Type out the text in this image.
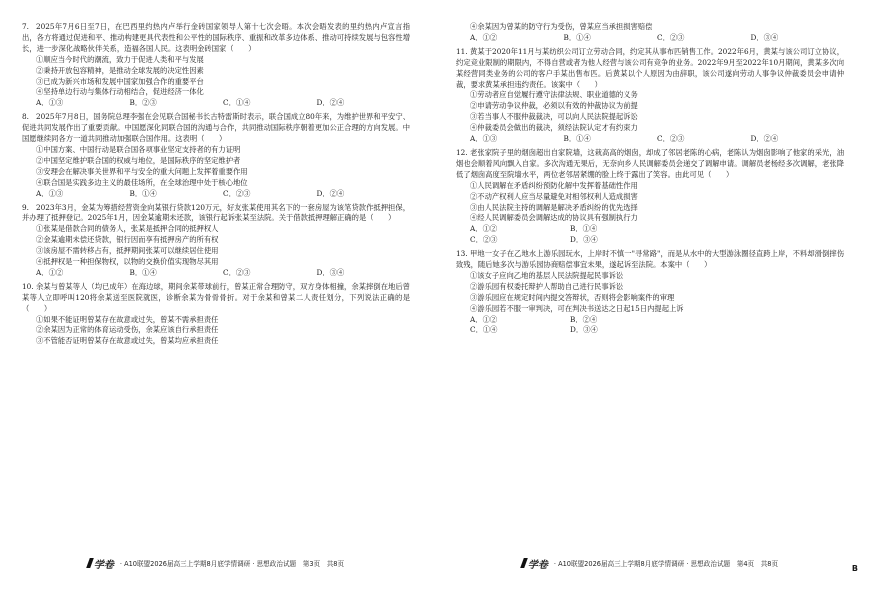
7. 2025年7月6日至7日，在巴西里约热内卢举行金砖国家领导人第十七次会晤。本次会晤发表的里约热内卢宣言指出，各方将通过促进和平、推动构建更具代表性和公平性的国际秩序、重振和改革多边体系、推动可持续发展与包容性增长，进一步深化战略伙伴关系，造福各国人民。这表明金砖国家（　　）

①顺应当今时代的潮流，致力于促进人类和平与发展

②秉持开放包容精神，是推动全球发展的决定性因素

③已成为新兴市场和发展中国家加强合作的重要平台

④坚持单边行动与集体行动相结合，促进经济一体化

A．①③	B．②③	C．①④	D．②④

8. 2025年7月8日，国务院总理李强在会见联合国秘书长古特雷斯时表示，联合国成立80年来，为维护世界和平安宁、促进共同发展作出了重要贡献。中国愿深化同联合国的沟通与合作，共同推动国际秩序朝着更加公正合理的方向发展。中国愿继续同各方一道共同推动加强联合国作用。这表明（　　）

①中国方案、中国行动是联合国各项事业坚定支持者的有力证明

②中国坚定维护联合国的权威与地位，是国际秩序的坚定维护者

③安理会在解决事关世界和平与安全的重大问题上发挥着重要作用

④联合国是实践多边主义的最佳场所，在全球治理中处于核心地位

A．①③	B．①④	C．②③	D．②④

9. 2023年3月，金某为筹措经营资金向某银行贷款120万元，好友张某使用其名下的一套房屋为该笔贷款作抵押担保，并办理了抵押登记。2025年1月，因金某逾期未还款，该银行起诉张某至法院。关于借款抵押理解正确的是（　　）

①张某是借款合同的债务人，张某是抵押合同的抵押权人

②金某逾期未偿还贷款，银行因而享有抵押房产的所有权

③该房屋不需转移占有，抵押期间张某可以继续居住使用

④抵押权是一种担保物权，以物的交换价值实现物尽其用

A．①②	B．①④	C．②③	D．③④

10. 余某与曾某等人（均已成年）在海边球，期间余某带球前行，曾某正常合理防守，双方身体相撞，余某摔倒在地后曾某等人立即呼叫120将余某送至医院就医，诊断余某为骨骨骨折。对于余某和曾某二人责任划分，下列说法正确的是（　　）

①如果不能证明曾某存在故意或过失，曾某不需承担责任

②余某因为正常的体育运动受伤，余某应该自行承担责任

③不管能否证明曾某存在故意或过失，曾某均应承担责任

学卷 · A10联盟2026届高三上学期8月底学情调研 · 思想政治试题　第3页　共8页

④余某因为曾某的防守行为受伤，曾某应当承担损害赔偿

A．①②	B．①④	C．②③	D．③④

11. 黄某于2020年11月与某纺织公司订立劳动合同，约定其从事布匹销售工作。2022年6月，黄某与该公司订立协议，约定竞业限制的期限内，不得自营或者为他人经营与该公司有竞争的业务。2022年9月至2022年10月期间，黄某多次向某经营同类业务的公司的客户手某出售布匹。后黄某以个人原因为由辞职，该公司遂向劳动人事争议仲裁委员会申请仲裁，要求黄某承担违约责任。该案中（　　）

①劳动者应自觉履行遵守法律法规、职业道德的义务

②申请劳动争议仲裁，必须以有效的仲裁协议为前提

③若当事人不服仲裁裁决，可以向人民法院提起诉讼

④仲裁委员会做出的裁决，须经法院认定才有约束力

A．①③	B．①④	C．②③	D．②④

12. 老张家院子里的烟囱超出自家院墙，这栽高高的烟囱，却成了邻居老陈的心病，老陈认为烟囱影响了他家的采光，油烟也会顺着风向飘入自家。多次沟通无果后，无奈向乡人民调解委员会递交了调解申请。调解员老杨经多次调解，老张降低了烟囱高度至院墙水平，两位老邻居紧绷的脸上终于露出了笑容。由此可见（　　）

①人民调解在矛盾纠纷预防化解中发挥着基础性作用

②不动产权利人应当尽量避免对相邻权利人造成损害

③由人民法院主持的调解是解决矛盾纠纷的优先选择

④经人民调解委员会调解达成的协议具有强制执行力

A．①②	B．①④
C．②③	D．③④

13. 甲地一女子在乙地水上游乐园玩水，上岸时不慎一"寻常路"，而是从水中的大型游泳圈径直跨上岸，不料却滑倒摔伤致残，随后她多次与游乐园协商赔偿事宜未果，遂起诉至法院。本案中（　　）

①该女子应向乙地的基层人民法院提起民事诉讼

②游乐园有权委托辩护人帮助自己进行民事诉讼

③游乐园应在规定时间内提交答辩状，否则将会影响案件的审理

④游乐园若不服一审判决，可在判决书送达之日起15日内提起上诉

A．①②	B．②④
C．①④	D．③④
学卷 · A10联盟2026届高三上学期8月底学情调研 · 思想政治试题　第4页　共8页	B
